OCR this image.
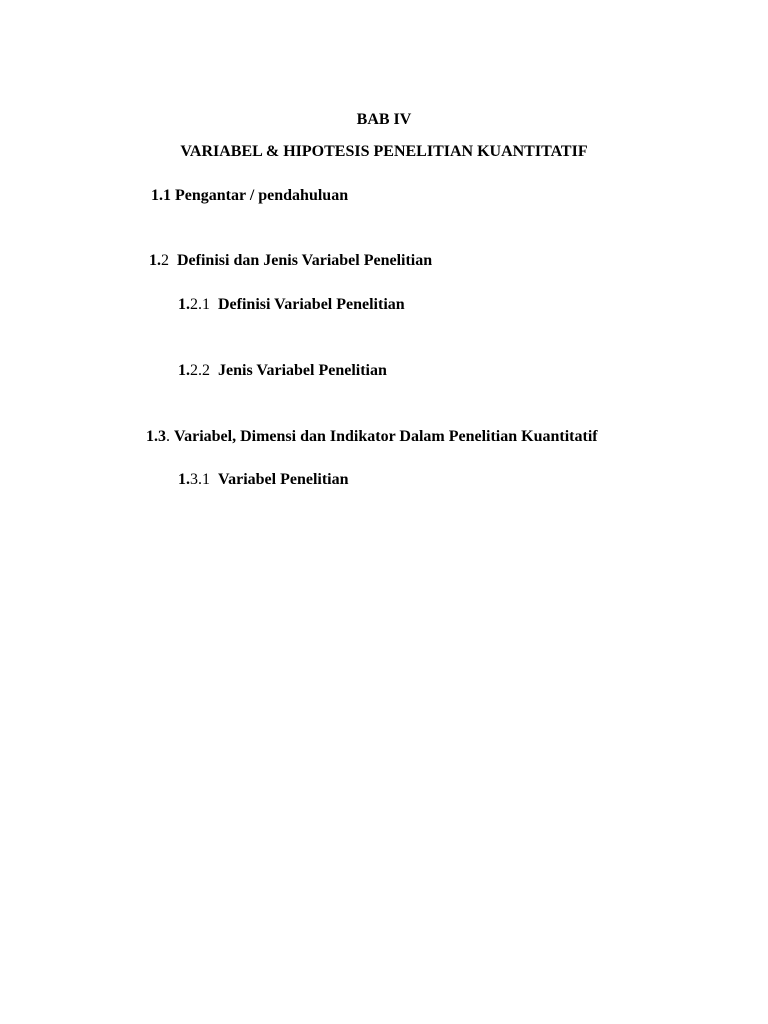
BAB IV
VARIABEL & HIPOTESIS PENELITIAN KUANTITATIF
1.1 Pengantar / pendahuluan
1.2 Definisi dan Jenis Variabel Penelitian
1.2.1 Definisi Variabel Penelitian
1.2.2 Jenis Variabel Penelitian
1.3. Variabel, Dimensi dan Indikator Dalam Penelitian Kuantitatif
1.3.1 Variabel Penelitian
